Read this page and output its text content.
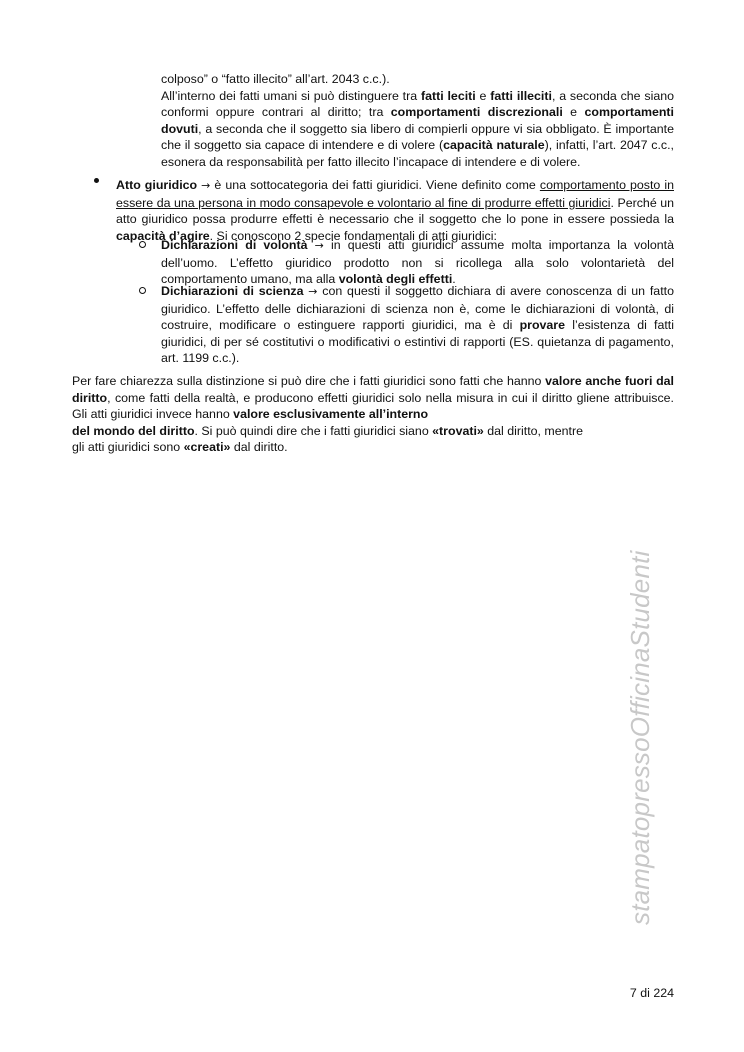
colposo” o “fatto illecito” all’art. 2043 c.c.).

All’interno dei fatti umani si può distinguere tra fatti leciti e fatti illeciti, a seconda che siano conformi oppure contrari al diritto; tra comportamenti discrezionali e comportamenti dovuti, a seconda che il soggetto sia libero di compierli oppure vi sia obbligato. È importante che il soggetto sia capace di intendere e di volere (capacità naturale), infatti, l’art. 2047 c.c., esonera da responsabilità per fatto illecito l’incapace di intendere e di volere.

Atto giuridico → è una sottocategoria dei fatti giuridici. Viene definito come comportamento posto in essere da una persona in modo consapevole e volontario al fine di produrre effetti giuridici. Perché un atto giuridico possa produrre effetti è necessario che il soggetto che lo pone in essere possieda la capacità d’agire. Si conoscono 2 specie fondamentali di atti giuridici:

Dichiarazioni di volontà → in questi atti giuridici assume molta importanza la volontà dell’uomo. L’effetto giuridico prodotto non si ricollega alla solo volontarietà del comportamento umano, ma alla volontà degli effetti.

Dichiarazioni di scienza → con questi il soggetto dichiara di avere conoscenza di un fatto giuridico. L’effetto delle dichiarazioni di scienza non è, come le dichiarazioni di volontà, di costruire, modificare o estinguere rapporti giuridici, ma è di provare l’esistenza di fatti giuridici, di per sé costitutivi o modificativi o estintivi di rapporti (ES. quietanza di pagamento, art. 1199 c.c.).

Per fare chiarezza sulla distinzione si può dire che i fatti giuridici sono fatti che hanno valore anche fuori dal diritto, come fatti della realtà, e producono effetti giuridici solo nella misura in cui il diritto gliene attribuisce. Gli atti giuridici invece hanno valore esclusivamente all’interno

del mondo del diritto. Si può quindi dire che i fatti giuridici siano «trovati» dal diritto, mentre

gli atti giuridici sono «creati» dal diritto.

stampatopressoOfficinaStudenti
7 di 224
